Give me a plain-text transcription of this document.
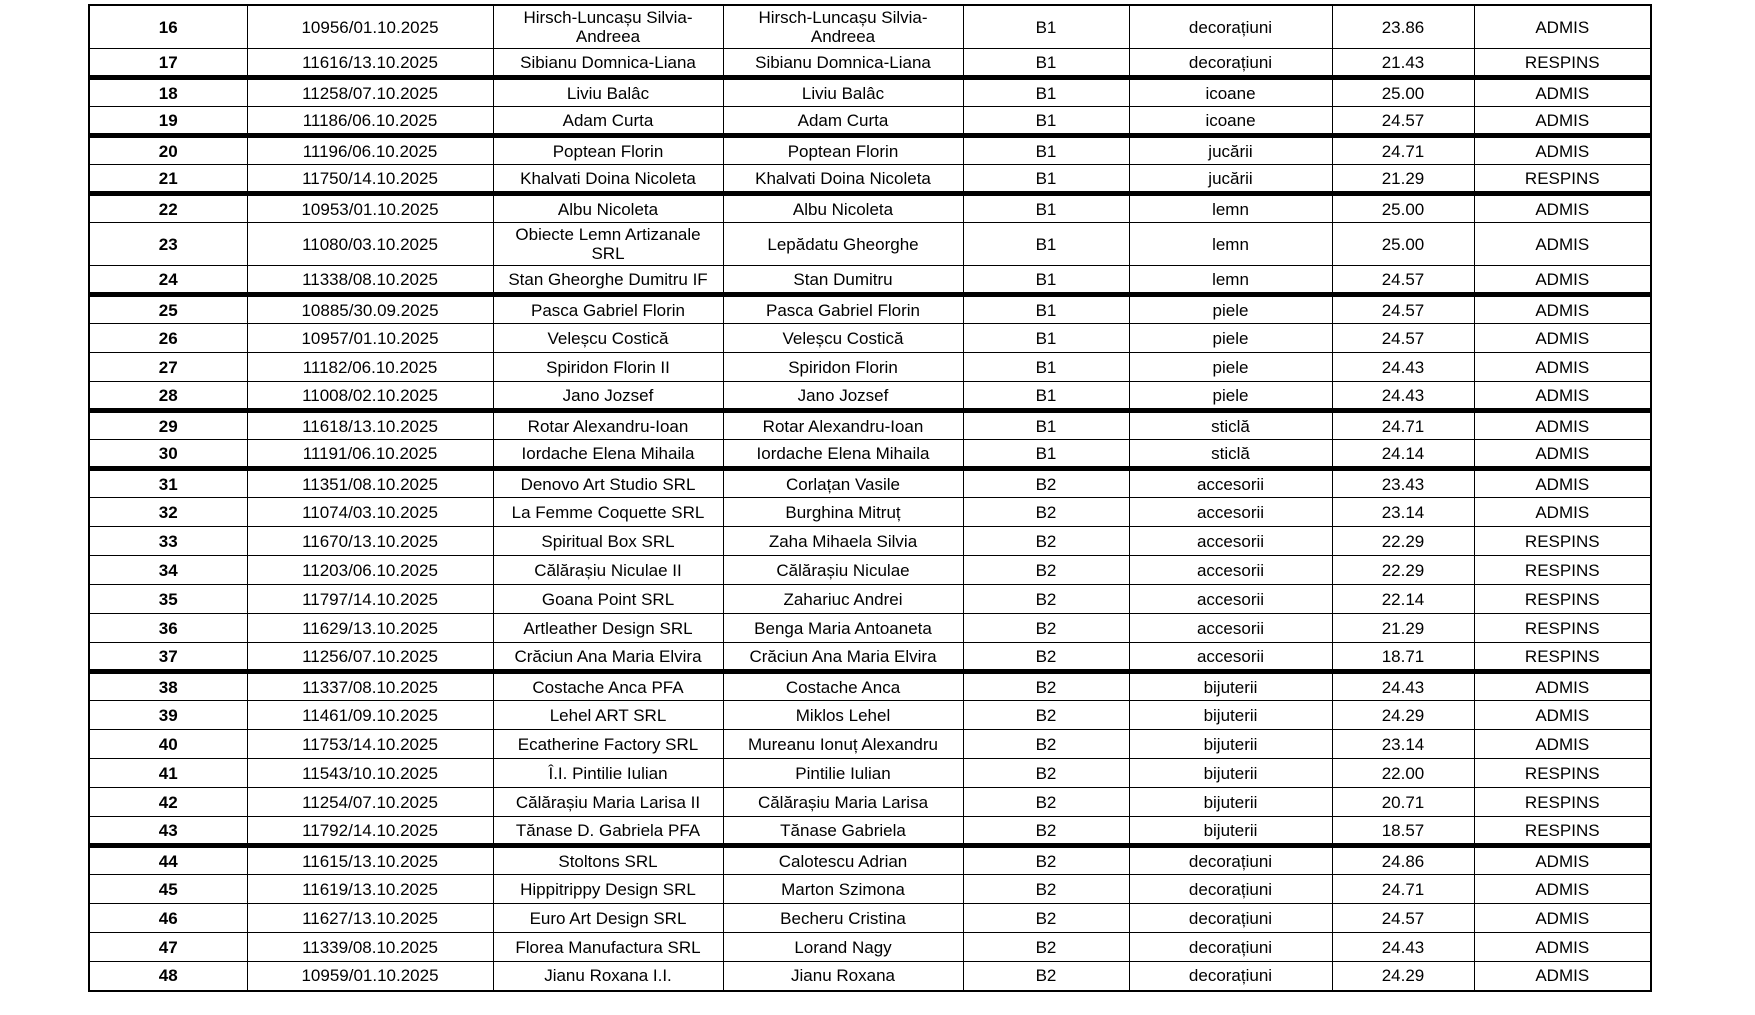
16	10956/01.10.2025	Hirsch-Luncașu Silvia-Andreea	Hirsch-Luncașu Silvia-Andreea	B1	decorațiuni	23.86	ADMIS
17	11616/13.10.2025	Sibianu Domnica-Liana	Sibianu Domnica-Liana	B1	decorațiuni	21.43	RESPINS
18	11258/07.10.2025	Liviu Balâc	Liviu Balâc	B1	icoane	25.00	ADMIS
19	11186/06.10.2025	Adam Curta	Adam Curta	B1	icoane	24.57	ADMIS
20	11196/06.10.2025	Poptean Florin	Poptean Florin	B1	jucării	24.71	ADMIS
21	11750/14.10.2025	Khalvati Doina Nicoleta	Khalvati Doina Nicoleta	B1	jucării	21.29	RESPINS
22	10953/01.10.2025	Albu Nicoleta	Albu Nicoleta	B1	lemn	25.00	ADMIS
23	11080/03.10.2025	Obiecte Lemn Artizanale SRL	Lepădatu Gheorghe	B1	lemn	25.00	ADMIS
24	11338/08.10.2025	Stan Gheorghe Dumitru IF	Stan Dumitru	B1	lemn	24.57	ADMIS
25	10885/30.09.2025	Pasca Gabriel Florin	Pasca Gabriel Florin	B1	piele	24.57	ADMIS
26	10957/01.10.2025	Veleșcu Costică	Veleșcu Costică	B1	piele	24.57	ADMIS
27	11182/06.10.2025	Spiridon Florin II	Spiridon Florin	B1	piele	24.43	ADMIS
28	11008/02.10.2025	Jano Jozsef	Jano Jozsef	B1	piele	24.43	ADMIS
29	11618/13.10.2025	Rotar Alexandru-Ioan	Rotar Alexandru-Ioan	B1	sticlă	24.71	ADMIS
30	11191/06.10.2025	Iordache Elena Mihaila	Iordache Elena Mihaila	B1	sticlă	24.14	ADMIS
31	11351/08.10.2025	Denovo Art Studio SRL	Corlațan Vasile	B2	accesorii	23.43	ADMIS
32	11074/03.10.2025	La Femme Coquette SRL	Burghina Mitruț	B2	accesorii	23.14	ADMIS
33	11670/13.10.2025	Spiritual Box SRL	Zaha Mihaela Silvia	B2	accesorii	22.29	RESPINS
34	11203/06.10.2025	Călărașiu Niculae II	Călărașiu Niculae	B2	accesorii	22.29	RESPINS
35	11797/14.10.2025	Goana Point SRL	Zahariuc Andrei	B2	accesorii	22.14	RESPINS
36	11629/13.10.2025	Artleather Design SRL	Benga Maria Antoaneta	B2	accesorii	21.29	RESPINS
37	11256/07.10.2025	Crăciun Ana Maria Elvira	Crăciun Ana Maria Elvira	B2	accesorii	18.71	RESPINS
38	11337/08.10.2025	Costache Anca PFA	Costache Anca	B2	bijuterii	24.43	ADMIS
39	11461/09.10.2025	Lehel ART SRL	Miklos Lehel	B2	bijuterii	24.29	ADMIS
40	11753/14.10.2025	Ecatherine Factory SRL	Mureanu Ionuț Alexandru	B2	bijuterii	23.14	ADMIS
41	11543/10.10.2025	Î.I. Pintilie Iulian	Pintilie Iulian	B2	bijuterii	22.00	RESPINS
42	11254/07.10.2025	Călărașiu Maria Larisa II	Călărașiu Maria Larisa	B2	bijuterii	20.71	RESPINS
43	11792/14.10.2025	Tănase D. Gabriela PFA	Tănase Gabriela	B2	bijuterii	18.57	RESPINS
44	11615/13.10.2025	Stoltons SRL	Calotescu Adrian	B2	decorațiuni	24.86	ADMIS
45	11619/13.10.2025	Hippitrippy Design SRL	Marton Szimona	B2	decorațiuni	24.71	ADMIS
46	11627/13.10.2025	Euro Art Design SRL	Becheru Cristina	B2	decorațiuni	24.57	ADMIS
47	11339/08.10.2025	Florea Manufactura SRL	Lorand Nagy	B2	decorațiuni	24.43	ADMIS
48	10959/01.10.2025	Jianu Roxana I.I.	Jianu Roxana	B2	decorațiuni	24.29	ADMIS
